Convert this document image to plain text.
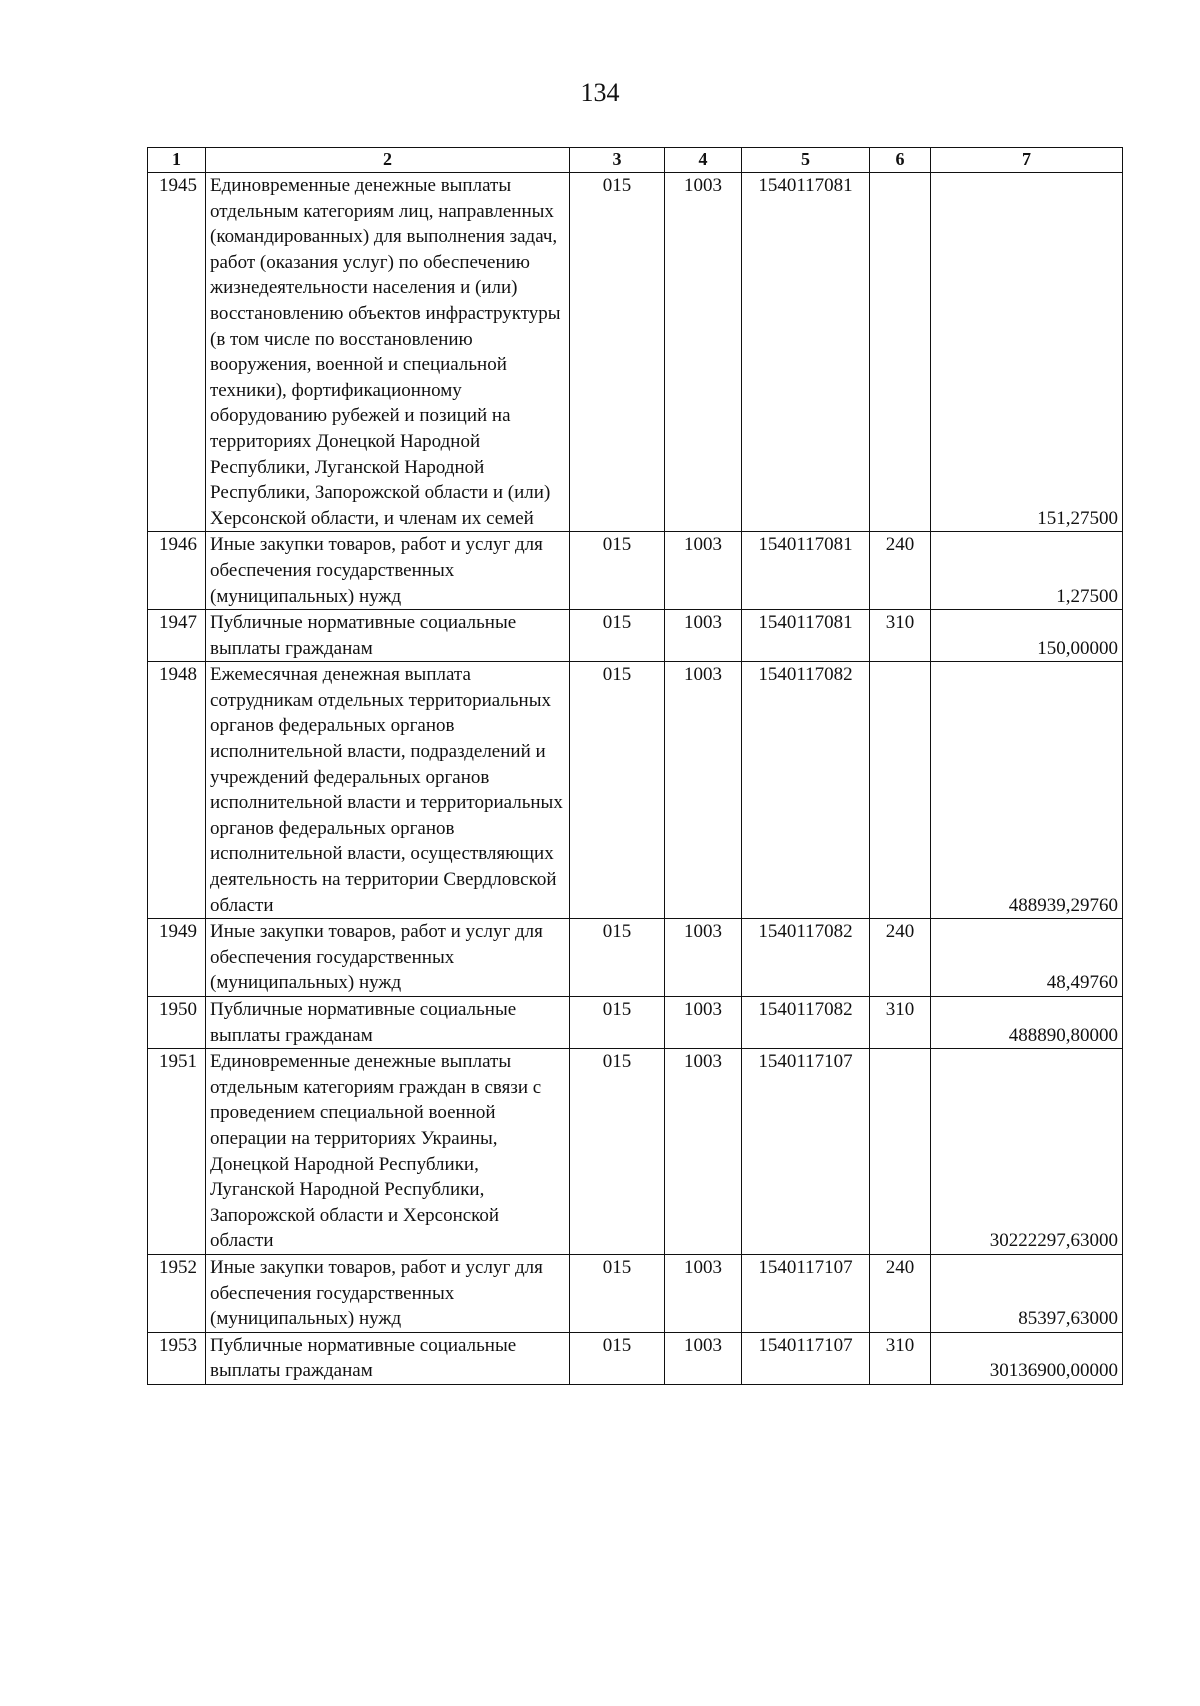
134
1	2	3	4	5	6	7
1945	Единовременные денежные выплаты отдельным категориям лиц, направленных (командированных) для выполнения задач, работ (оказания услуг) по обеспечению жизнедеятельности населения и (или) восстановлению объектов инфраструктуры (в том числе по восстановлению вооружения, военной и специальной техники), фортификационному оборудованию рубежей и позиций на территориях Донецкой Народной Республики, Луганской Народной Республики, Запорожской области и (или) Херсонской области, и членам их семей	015	1003	1540117081		151,27500
1946	Иные закупки товаров, работ и услуг для обеспечения государственных (муниципальных) нужд	015	1003	1540117081	240	1,27500
1947	Публичные нормативные социальные выплаты гражданам	015	1003	1540117081	310	150,00000
1948	Ежемесячная денежная выплата сотрудникам отдельных территориальных органов федеральных органов исполнительной власти, подразделений и учреждений федеральных органов исполнительной власти и территориальных органов федеральных органов исполнительной власти, осуществляющих деятельность на территории Свердловской области	015	1003	1540117082		488939,29760
1949	Иные закупки товаров, работ и услуг для обеспечения государственных (муниципальных) нужд	015	1003	1540117082	240	48,49760
1950	Публичные нормативные социальные выплаты гражданам	015	1003	1540117082	310	488890,80000
1951	Единовременные денежные выплаты отдельным категориям граждан в связи с проведением специальной военной операции на территориях Украины, Донецкой Народной Республики, Луганской Народной Республики, Запорожской области и Херсонской области	015	1003	1540117107		30222297,63000
1952	Иные закупки товаров, работ и услуг для обеспечения государственных (муниципальных) нужд	015	1003	1540117107	240	85397,63000
1953	Публичные нормативные социальные выплаты гражданам	015	1003	1540117107	310	30136900,00000
